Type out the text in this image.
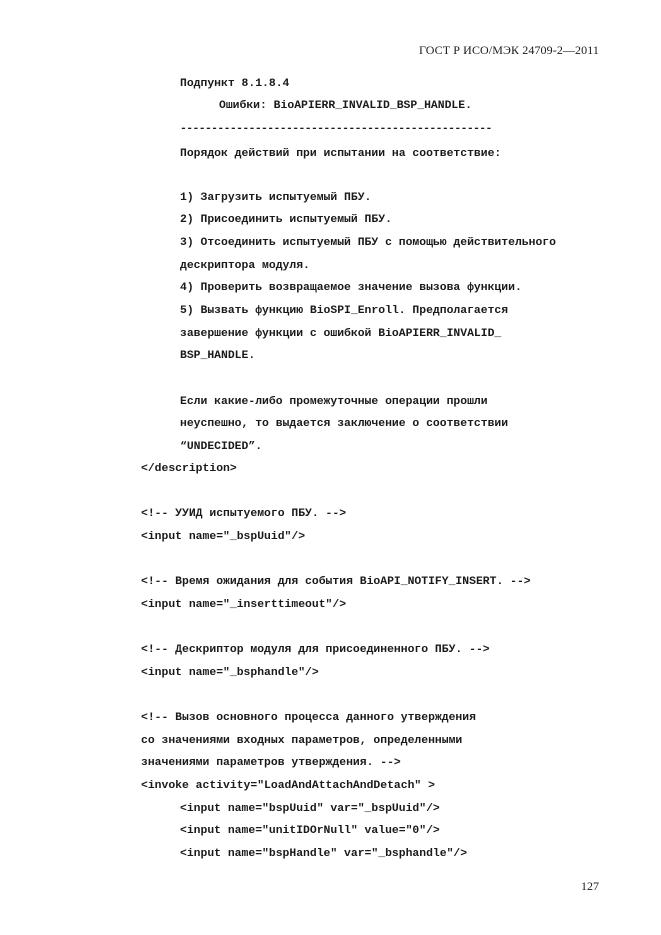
ГОСТ Р ИСО/МЭК 24709-2—2011

Подпункт 8.1.8.4

Ошибки: BioAPIERR_INVALID_BSP_HANDLE.

--------------------------------------------------

Порядок действий при испытании на соответствие:

1) Загрузить испытуемый ПБУ.

2) Присоединить испытуемый ПБУ.

3) Отсоединить испытуемый ПБУ с помощью действительного

дескриптора модуля.

4) Проверить возвращаемое значение вызова функции.

5) Вызвать функцию BioSPI_Enroll. Предполагается

завершение функции с ошибкой BioAPIERR_INVALID_

BSP_HANDLE.

Если какие-либо промежуточные операции прошли

неуспешно, то выдается заключение о соответствии

“UNDECIDED”.

</description>

<!-- УУИД испытуемого ПБУ. -->

<input name="_bspUuid"/>

<!-- Время ожидания для события BioAPI_NOTIFY_INSERT. -->

<input name="_inserttimeout"/>

<!-- Дескриптор модуля для присоединенного ПБУ. -->

<input name="_bsphandle"/>

<!-- Вызов основного процесса данного утверждения

со значениями входных параметров, определенными

значениями параметров утверждения. -->

<invoke activity="LoadAndAttachAndDetach" >

<input name="bspUuid" var="_bspUuid"/>

<input name="unitIDOrNull" value="0"/>

<input name="bspHandle" var="_bsphandle"/>

127
